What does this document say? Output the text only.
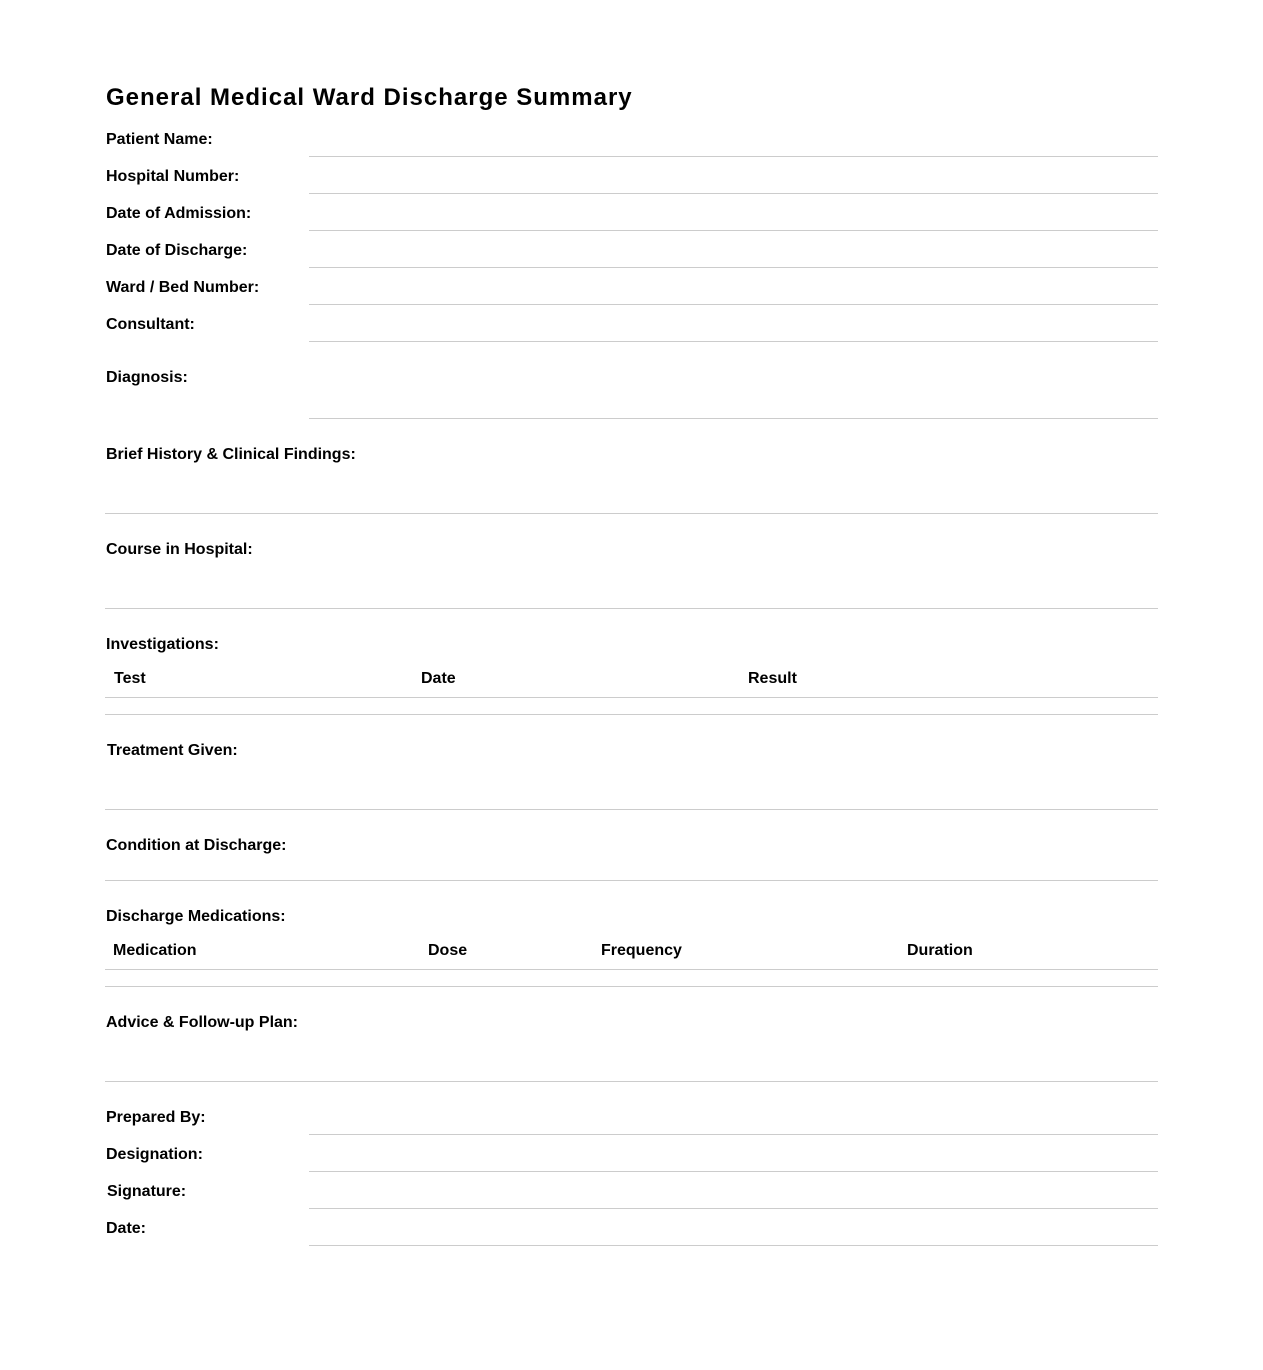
General Medical Ward Discharge Summary
Patient Name:
Hospital Number:
Date of Admission:
Date of Discharge:
Ward / Bed Number:
Consultant:
Diagnosis:
Brief History & Clinical Findings:
Course in Hospital:
Investigations:
Test	Date	Result
Treatment Given:
Condition at Discharge:
Discharge Medications:
Medication	Dose	Frequency	Duration
Advice & Follow-up Plan:
Prepared By:
Designation:
Signature:
Date:
